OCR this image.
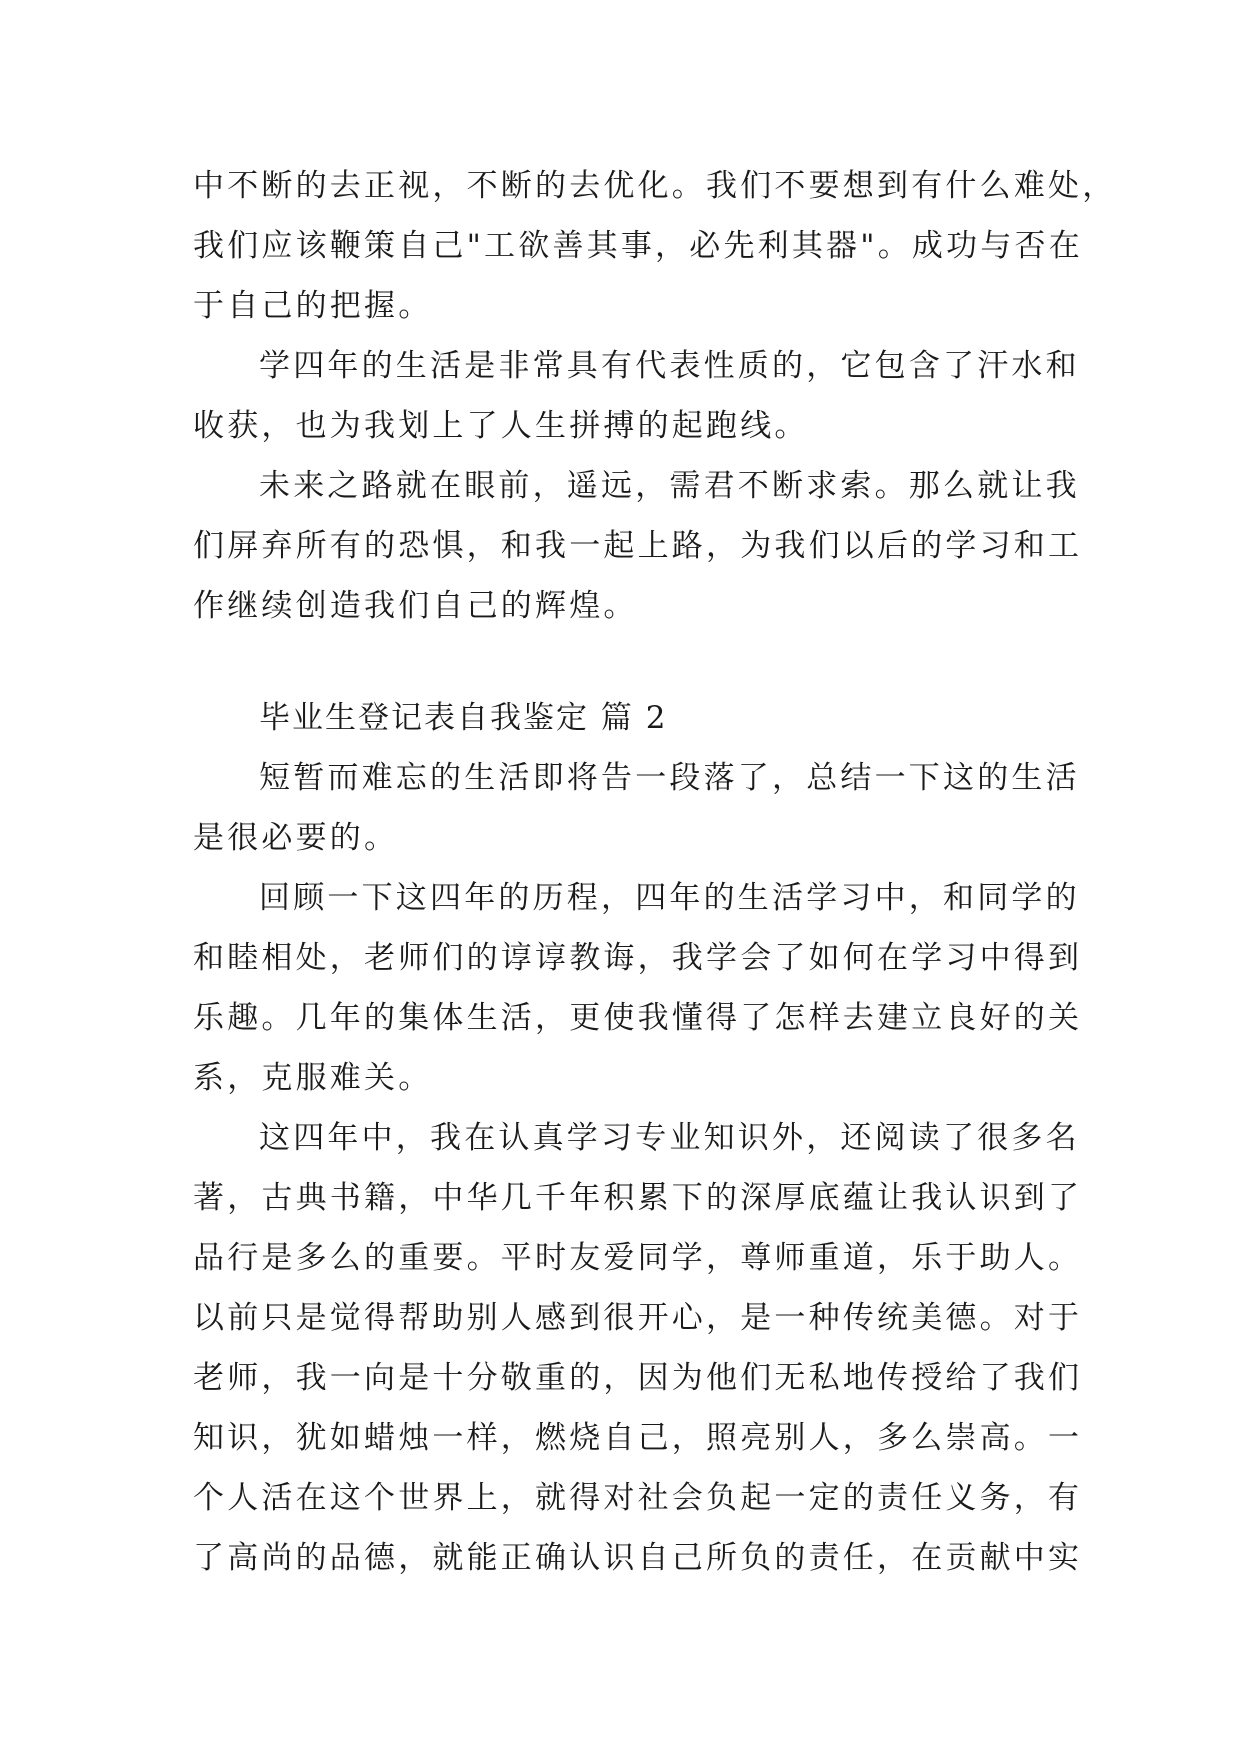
中不断的去正视，不断的去优化。我们不要想到有什么难处，
我们应该鞭策自己"工欲善其事，必先利其器"。成功与否在
于自己的把握。
学四年的生活是非常具有代表性质的，它包含了汗水和
收获，也为我划上了人生拼搏的起跑线。
未来之路就在眼前，遥远，需君不断求索。那么就让我
们屏弃所有的恐惧，和我一起上路，为我们以后的学习和工
作继续创造我们自己的辉煌。
毕业生登记表自我鉴定 篇 2
短暂而难忘的生活即将告一段落了，总结一下这的生活
是很必要的。
回顾一下这四年的历程，四年的生活学习中，和同学的
和睦相处，老师们的谆谆教诲，我学会了如何在学习中得到
乐趣。几年的集体生活，更使我懂得了怎样去建立良好的关
系，克服难关。
这四年中，我在认真学习专业知识外，还阅读了很多名
著，古典书籍，中华几千年积累下的深厚底蕴让我认识到了
品行是多么的重要。平时友爱同学，尊师重道，乐于助人。
以前只是觉得帮助别人感到很开心，是一种传统美德。对于
老师，我一向是十分敬重的，因为他们无私地传授给了我们
知识，犹如蜡烛一样，燃烧自己，照亮别人，多么崇高。一
个人活在这个世界上，就得对社会负起一定的责任义务，有
了高尚的品德，就能正确认识自己所负的责任，在贡献中实
